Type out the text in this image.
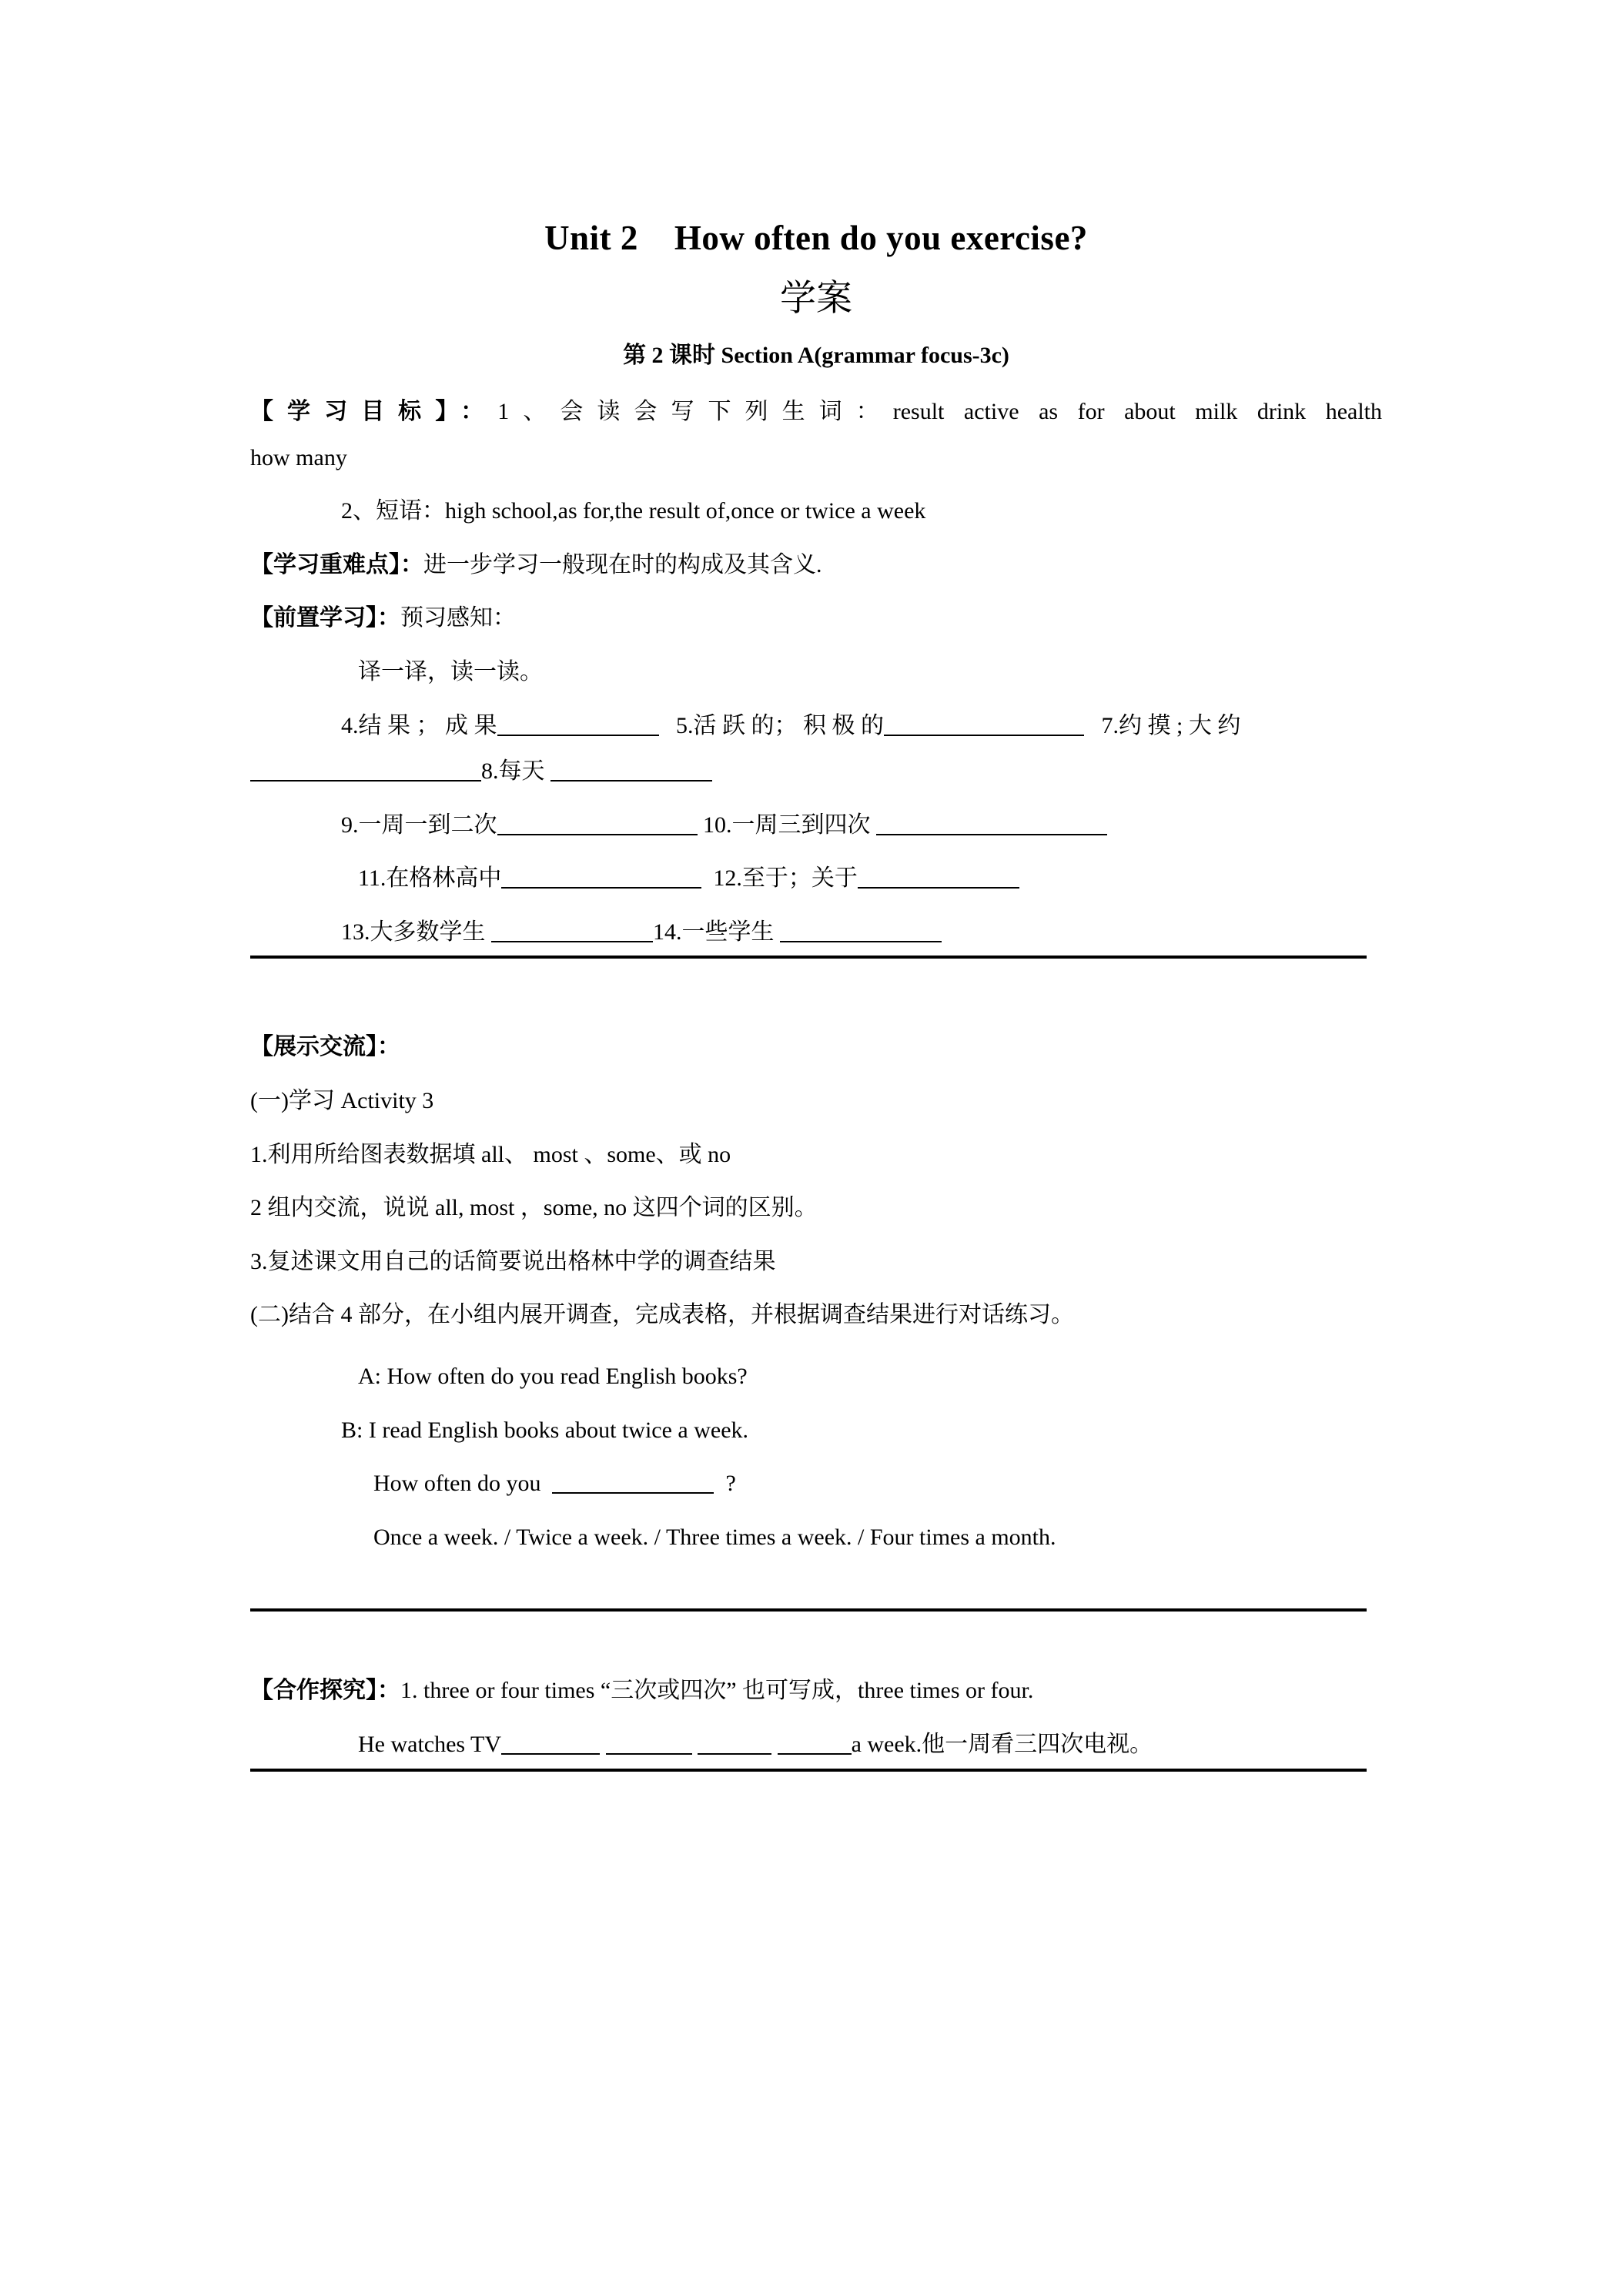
Unit 2    How often do you exercise?
学案
第 2 课时 Section A(grammar focus-3c)
【学习目标】：1、会读会写下列生词：result active as for about milk drink health
how many
2、短语：high school,as for,the result of,once or twice a week
【学习重难点】：进一步学习一般现在时的构成及其含义.
【前置学习】：预习感知：
译一译，读一读。
4.结 果 ； 成 果	5.活 跃 的； 积 极 的	7.约 摸 ; 大 约
8.每天
9.一周一到二次	10.一周三到四次
11.在格林高中	12.至于；关于
13.大多数学生	14.一些学生
【展示交流】：
(一)学习 Activity 3
1.利用所给图表数据填 all、 most 、some、或 no
2 组内交流，说说 all, most ，some, no 这四个词的区别。
3.复述课文用自己的话简要说出格林中学的调查结果
(二)结合 4 部分，在小组内展开调查，完成表格，并根据调查结果进行对话练习。
A: How often do you read English books?
B: I read English books about twice a week.
How often do you	?
Once a week. / Twice a week. / Three times a week. / Four times a month.
【合作探究】：1. three or four times “三次或四次” 也可写成，three times or four.
He watches TV	a week.他一周看三四次电视。
